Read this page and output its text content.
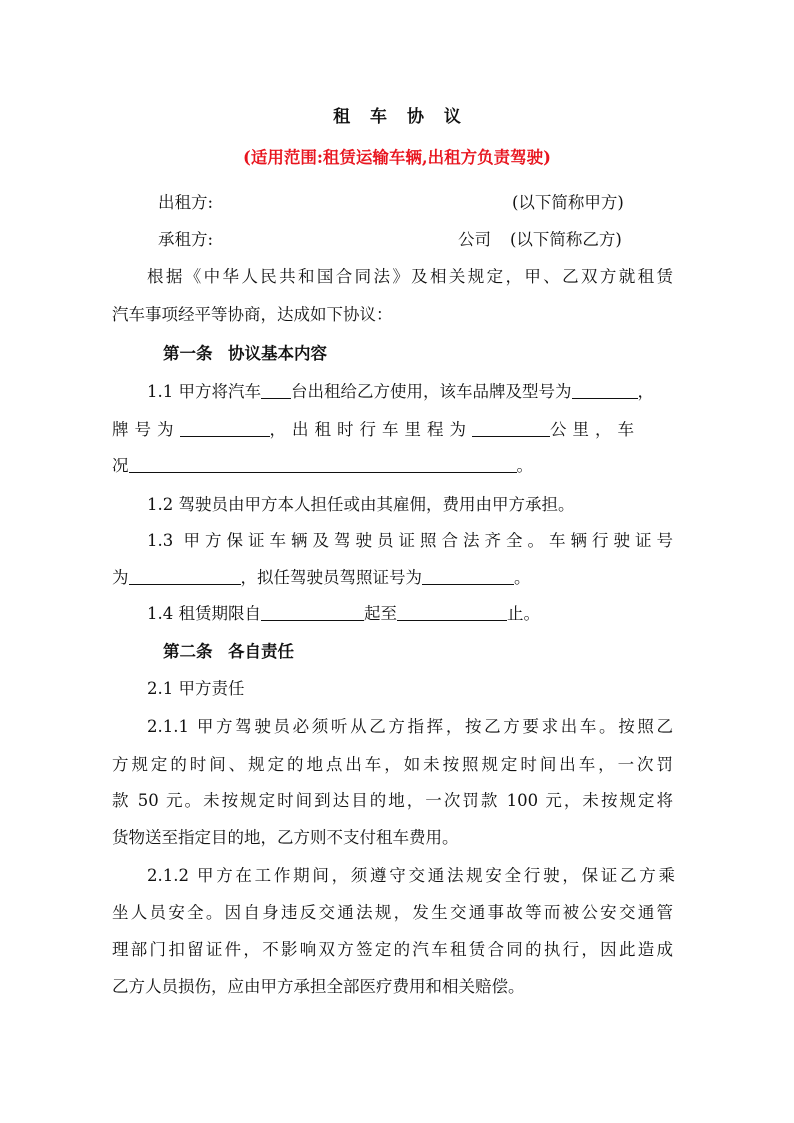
租 车 协 议
(适用范围:租赁运输车辆,出租方负责驾驶)
出租方:	(以下简称甲方)
承租方:	公司 (以下简称乙方)
根据《中华人民共和国合同法》及相关规定，甲、乙双方就租赁
汽车事项经平等协商，达成如下协议：
第一条 协议基本内容
1.1 甲方将汽车 台出租给乙方使用，该车品牌及型号为	，
牌号为	，出租时行车里程为	公里，车
况	。
1.2 驾驶员由甲方本人担任或由其雇佣，费用由甲方承担。
1.3 甲方保证车辆及驾驶员证照合法齐全。车辆行驶证号
为	，拟任驾驶员驾照证号为	。
1.4 租赁期限自	起至	止。
第二条 各自责任
2.1 甲方责任
2.1.1 甲方驾驶员必须听从乙方指挥，按乙方要求出车。按照乙
方规定的时间、规定的地点出车，如未按照规定时间出车，一次罚
款 50 元。未按规定时间到达目的地，一次罚款 100 元，未按规定将
货物送至指定目的地，乙方则不支付租车费用。
2.1.2 甲方在工作期间，须遵守交通法规安全行驶，保证乙方乘
坐人员安全。因自身违反交通法规，发生交通事故等而被公安交通管
理部门扣留证件，不影响双方签定的汽车租赁合同的执行，因此造成
乙方人员损伤，应由甲方承担全部医疗费用和相关赔偿。
